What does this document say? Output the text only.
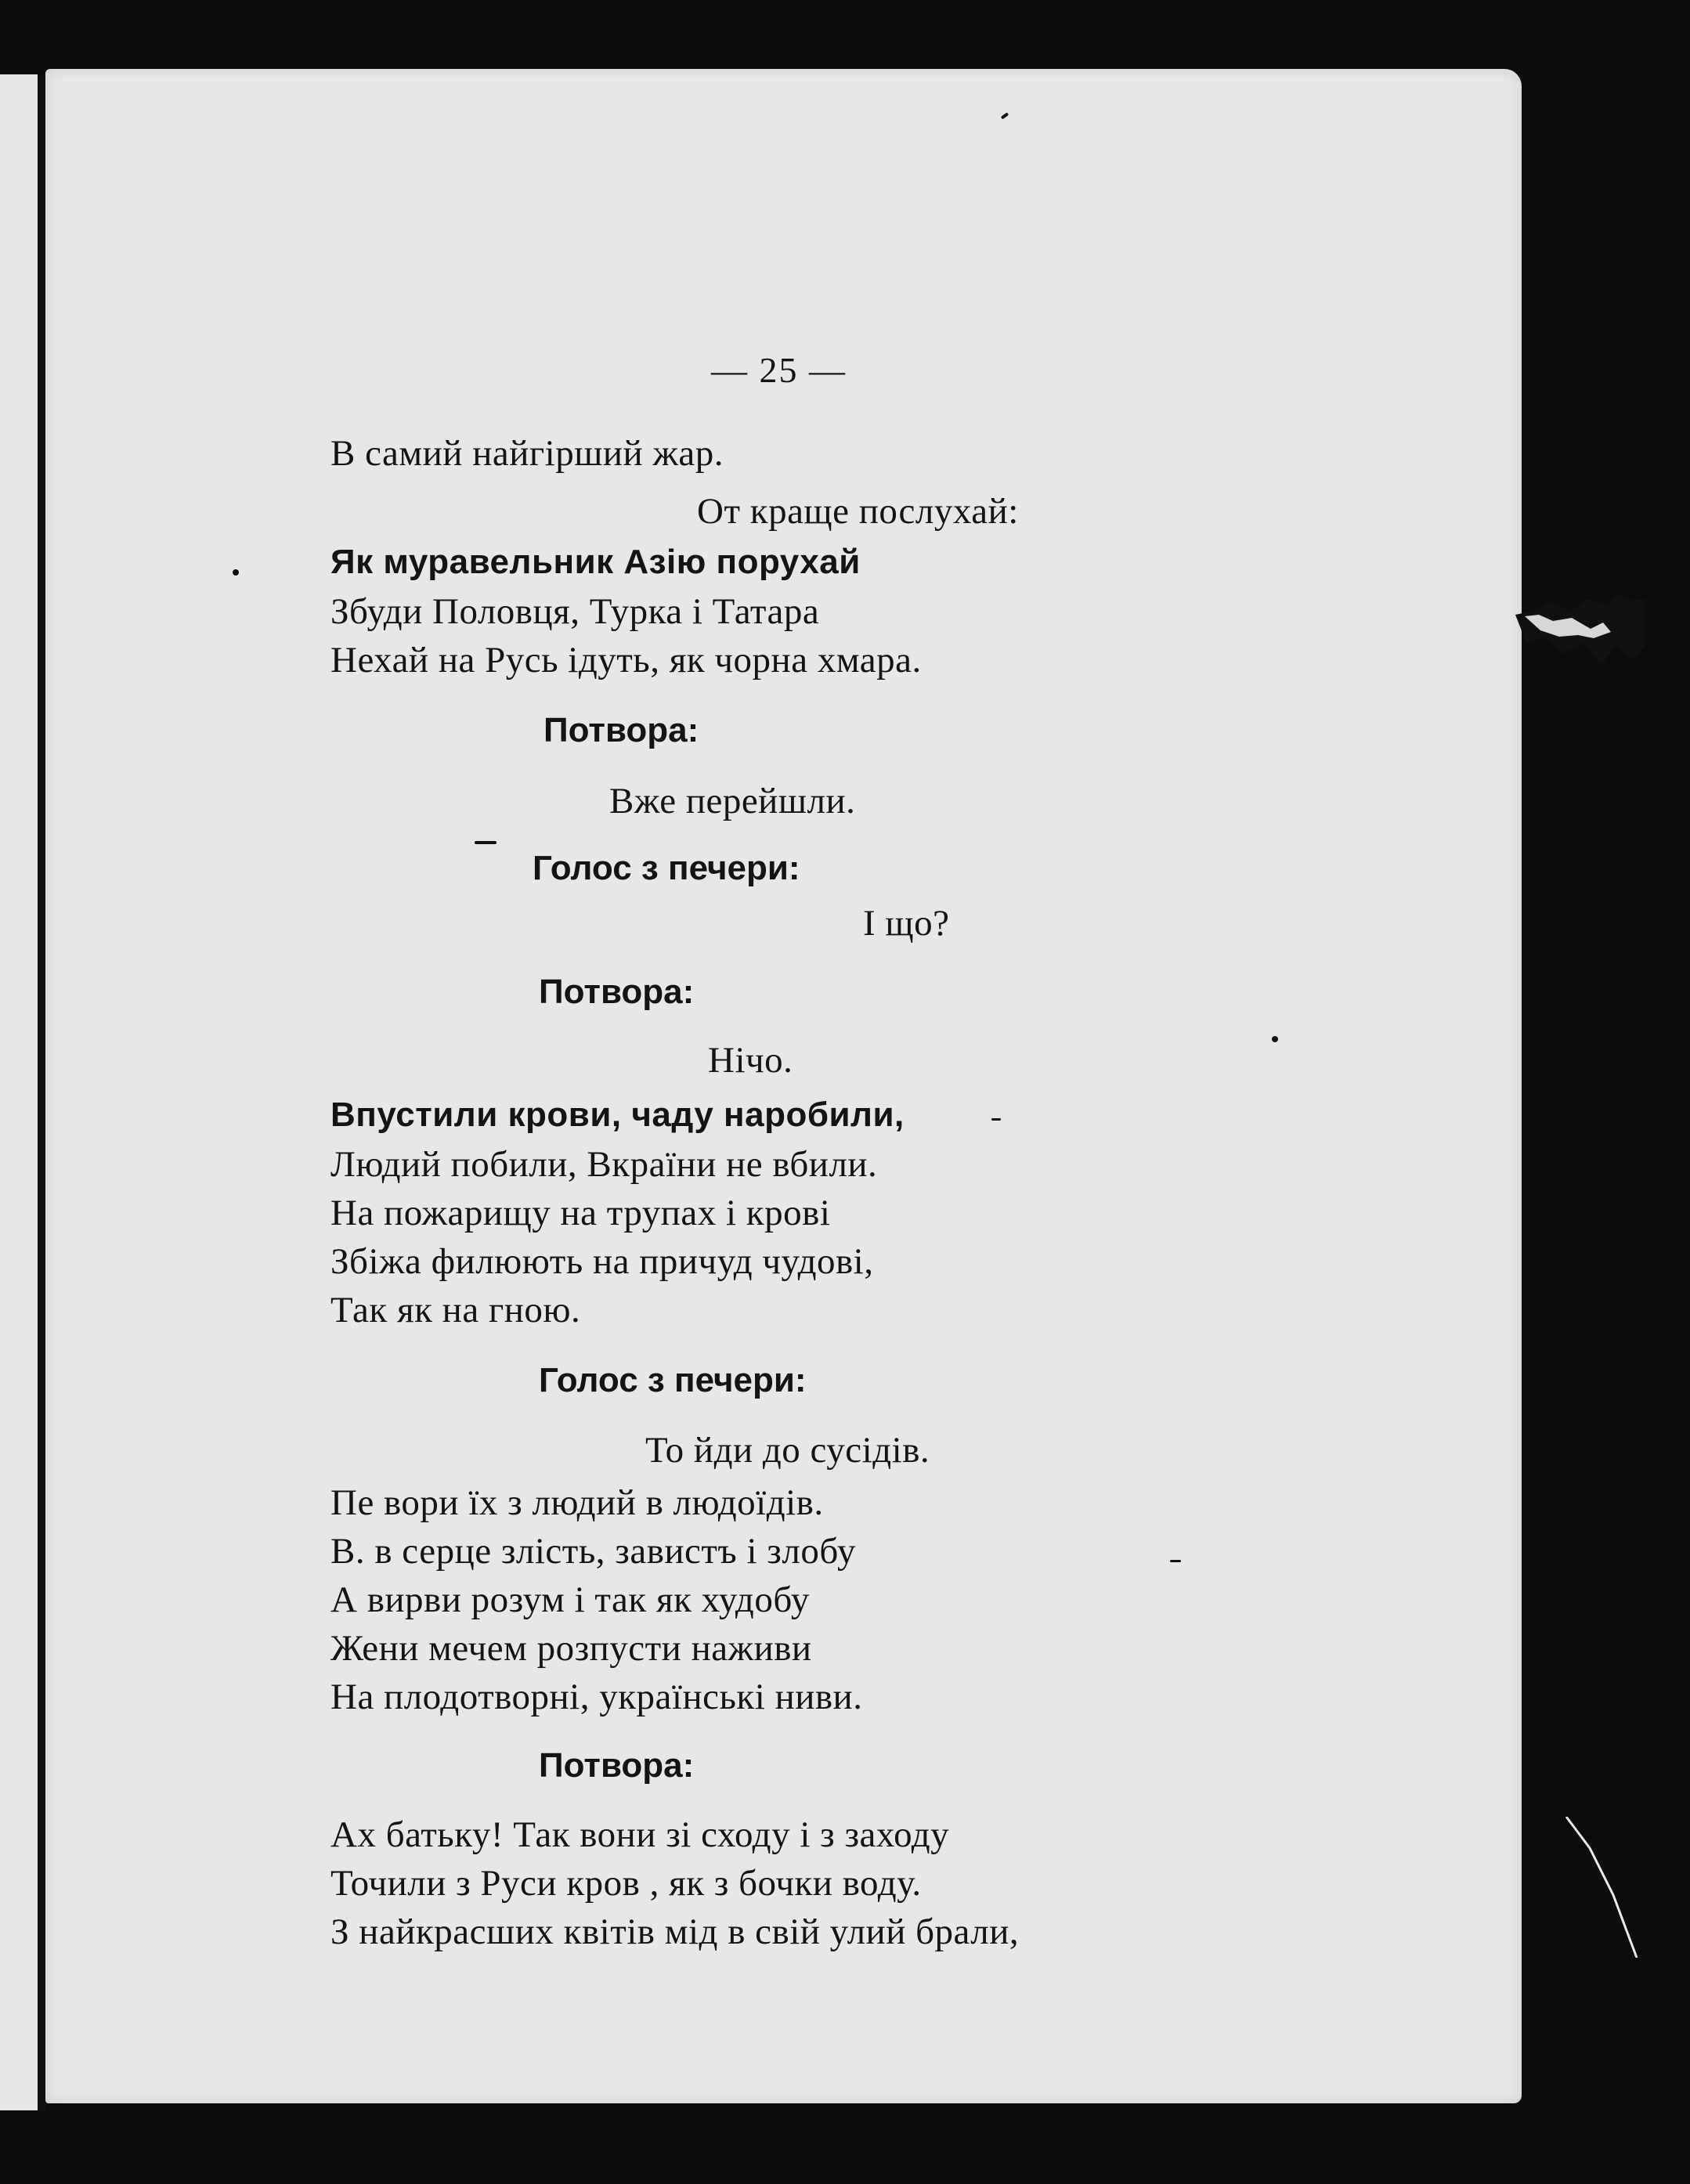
— 25 —
В самий найгірший жар.
От краще послухай:
Як муравельник Азію порухай
Збуди Половця, Турка і Татара
Нехай на Русь ідуть, як чорна хмара.
Потвора:
Вже перейшли.
Голос з печери:
І що?
Потвора:
Нічо.
Впустили крови, чаду наробили,
Людий побили, Вкраїни не вбили.
На пожарищу на трупах і крові
Збіжа филюють на причуд чудові,
Так як на гною.
Голос з печери:
То йди до сусідів.
Пе вори їх з людий в людоїдів.
В. в серце злість, завистъ і злобу
А вирви розум і так як худобу
Жени мечем розпусти наживи
На плодотворні, українські ниви.
Потвора:
Ах батьку! Так вони зі сходу і з заходу
Точили з Руси кров , як з бочки воду.
З найкрасших квітів мід в свій улий брали,
